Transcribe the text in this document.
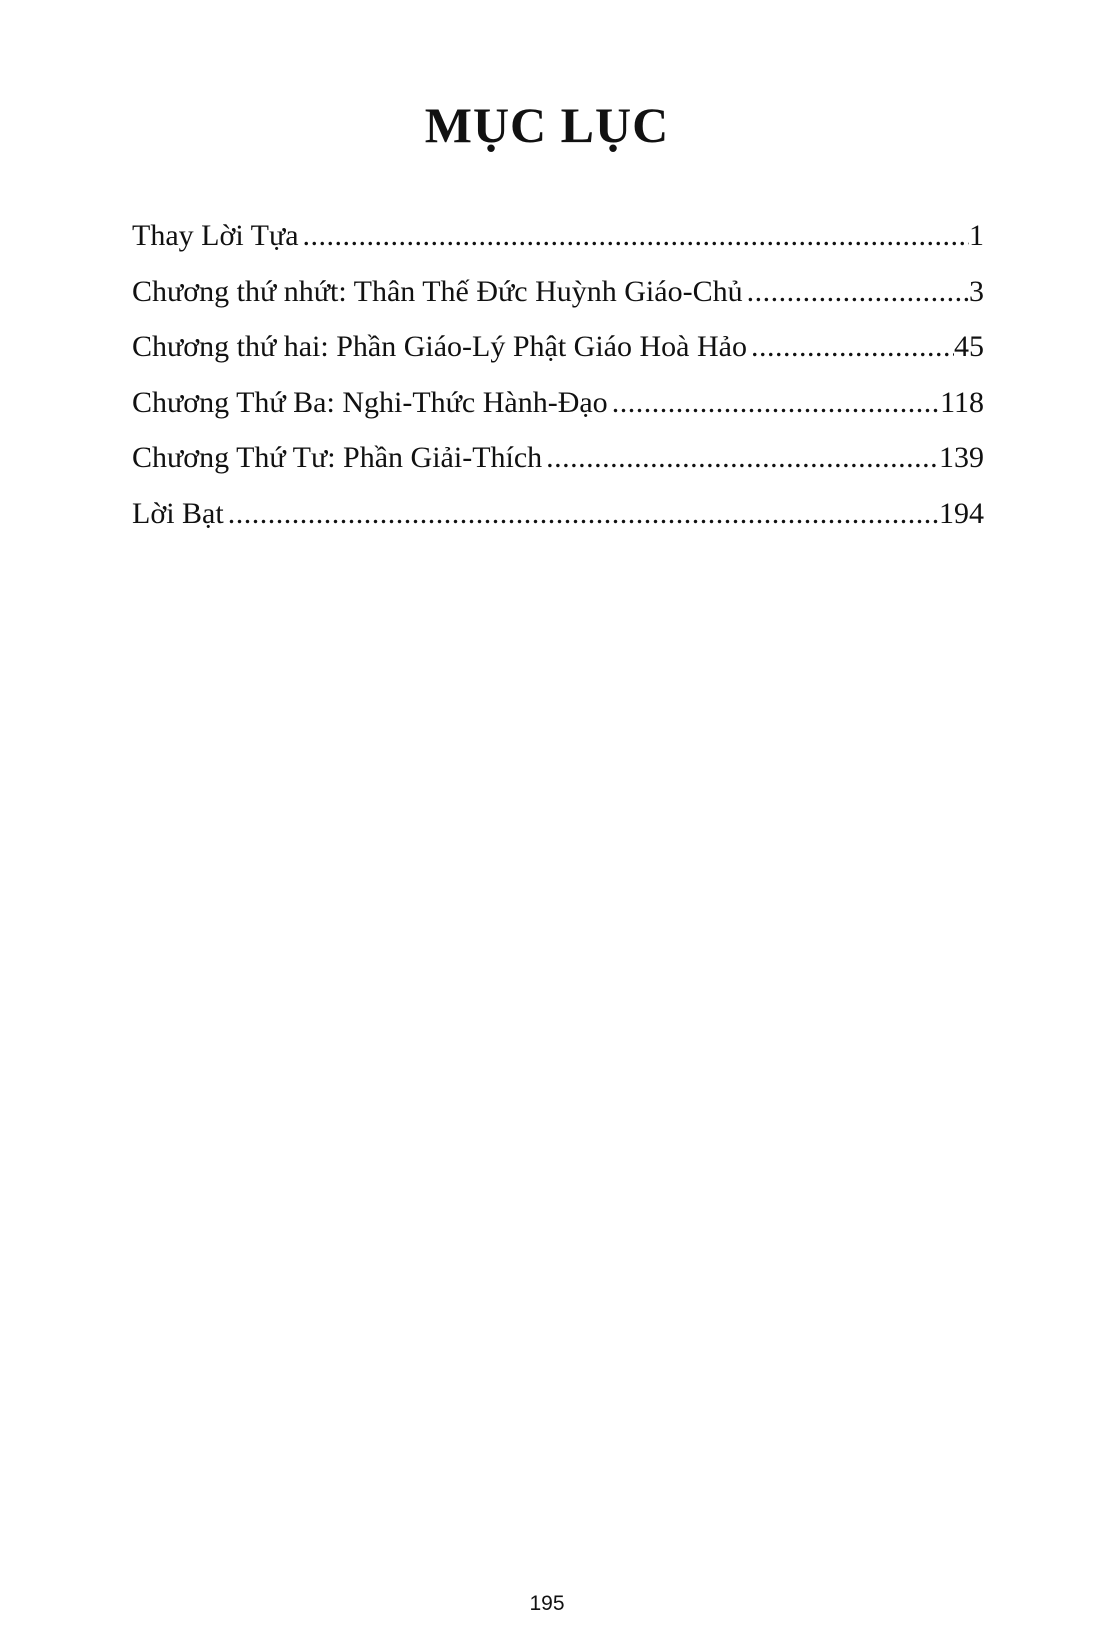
MỤC LỤC
Thay Lời Tựa .....	1
Chương thứ nhứt: Thân Thế Đức Huỳnh Giáo-Chủ .....	3
Chương thứ hai: Phần Giáo-Lý Phật Giáo Hoà Hảo .....	45
Chương Thứ Ba: Nghi-Thức Hành-Đạo .....	118
Chương Thứ Tư: Phần Giải-Thích .....	139
Lời Bạt .....	194
195
